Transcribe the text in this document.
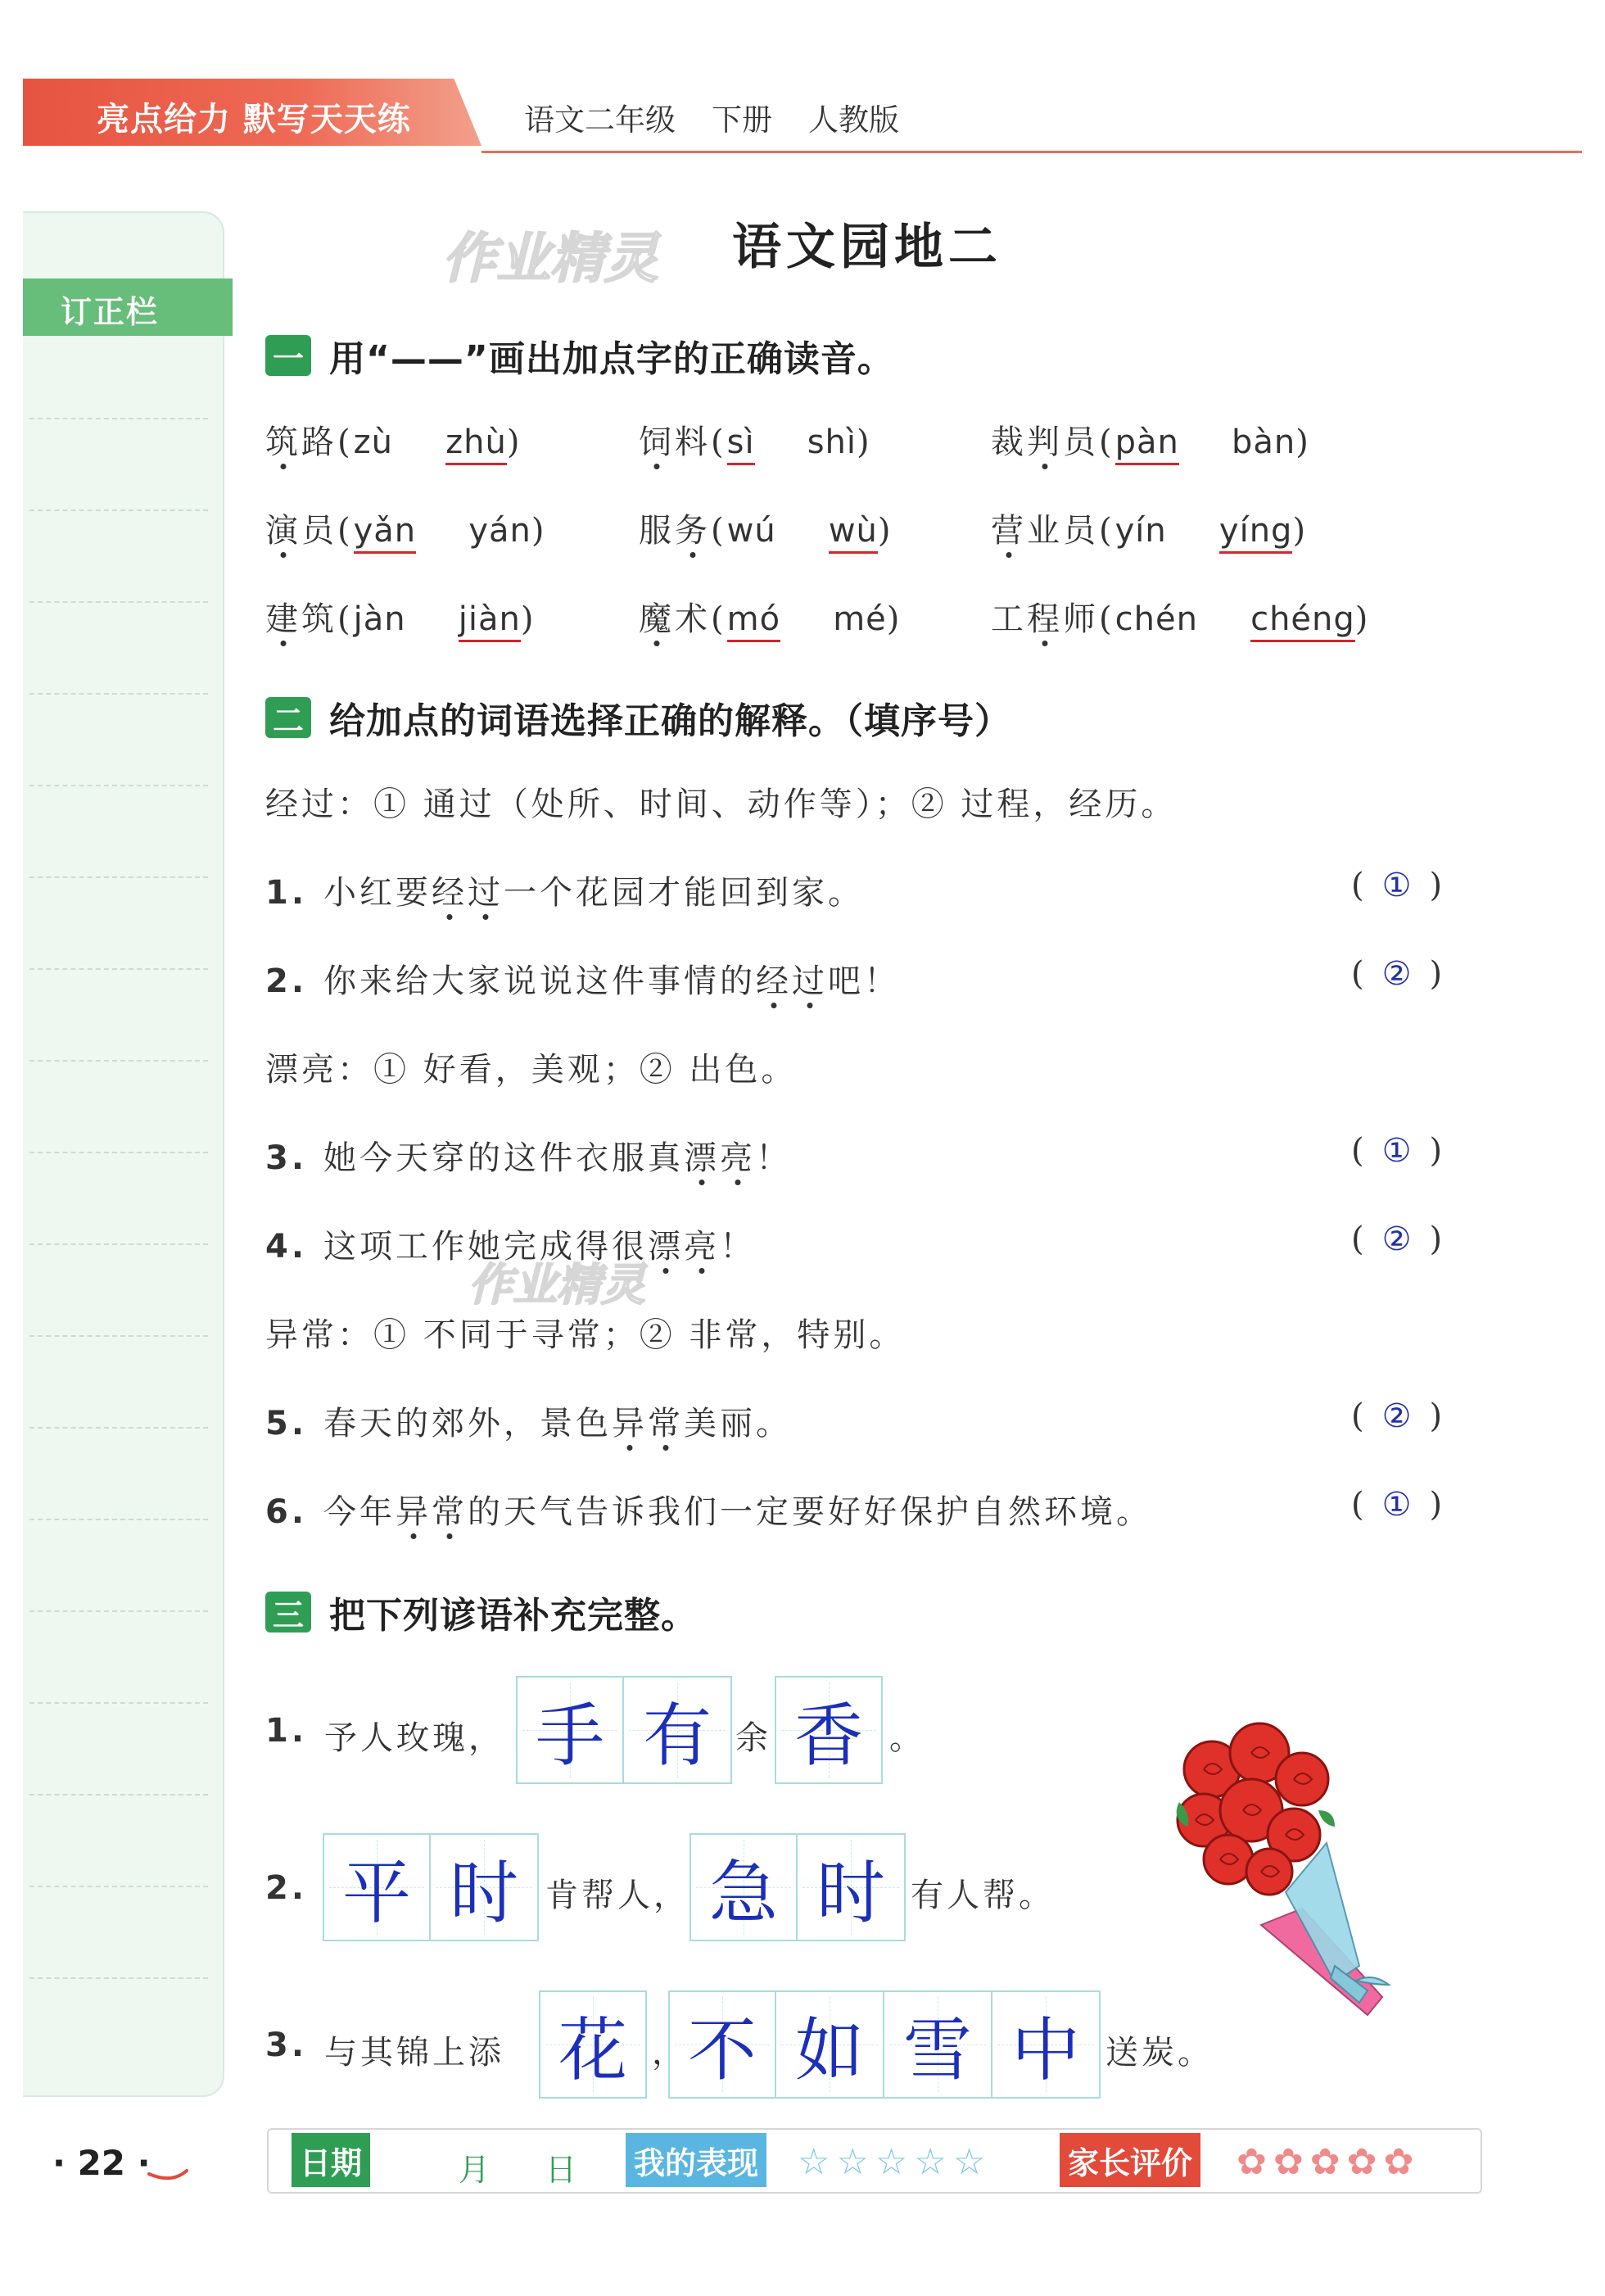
亮点给力 默写天天练	语文二年级 下册 人教版
订正栏
作业精灵 语文园地二
一 用“——”画出加点字的正确读音。
筑路(zù zhù)	饲料(sì shì)	裁判员(pàn bàn)
演员(yǎn yán)	服务(wú wù)	营业员(yín yíng)
建筑(jàn jiàn)	魔术(mó mé)	工程师(chén chéng)
二 给加点的词语选择正确的解释。（填序号）
经过：① 通过（处所、时间、动作等）；② 过程，经历。
1. 小红要经过一个花园才能回到家。	( ① )
2. 你来给大家说说这件事情的经过吧！	( ② )
漂亮：① 好看，美观；② 出色。
3. 她今天穿的这件衣服真漂亮！	( ① )
4. 这项工作她完成得很漂亮！	( ② )
异常：① 不同于寻常；② 非常，特别。
5. 春天的郊外，景色异常美丽。	( ② )
6. 今年异常的天气告诉我们一定要好好保护自然环境。	( ① )
作业精灵
三 把下列谚语补充完整。
1. 予人玫瑰， 手 有 余 香 。
2. 平 时 肯帮人， 急 时 有人帮。
3. 与其锦上添 花 ， 不 如 雪 中 送炭。
· 22 ·	日期	月 日 我的表现 ☆ ☆ ☆ ☆ ☆	家长评价 ✿ ✿ ✿ ✿ ✿
